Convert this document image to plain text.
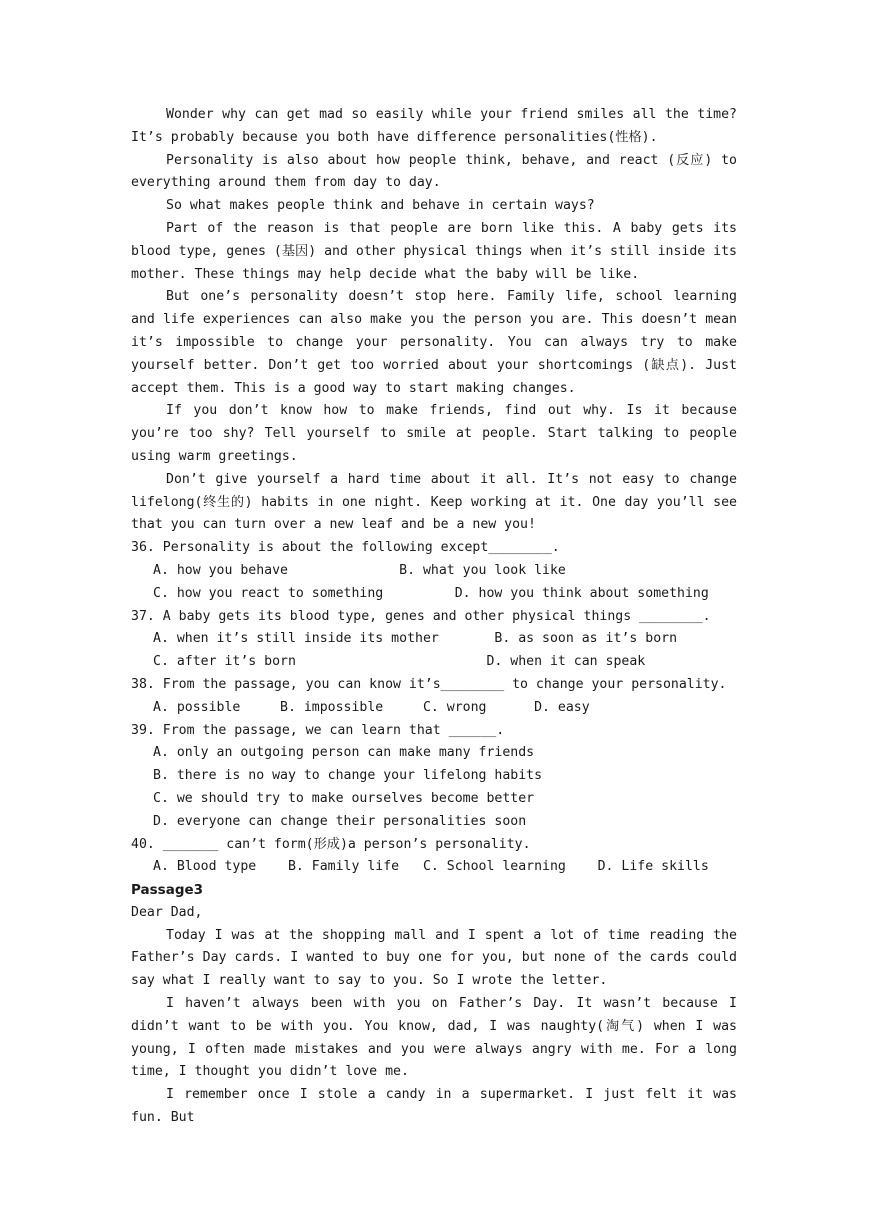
Wonder why can get mad so easily while your friend smiles all the time? It’s probably because you both have difference personalities(性格).

Personality is also about how people think, behave, and react (反应) to everything around them from day to day.

So what makes people think and behave in certain ways?

Part of the reason is that people are born like this. A baby gets its blood type, genes (基因) and other physical things when it’s still inside its mother. These things may help decide what the baby will be like.

But one’s personality doesn’t stop here. Family life, school learning and life experiences can also make you the person you are. This doesn’t mean it’s impossible to change your personality. You can always try to make yourself better. Don’t get too worried about your shortcomings (缺点). Just accept them. This is a good way to start making changes.

If you don’t know how to make friends, find out why. Is it because you’re too shy? Tell yourself to smile at people. Start talking to people using warm greetings.

Don’t give yourself a hard time about it all. It’s not easy to change lifelong(终生的) habits in one night. Keep working at it. One day you’ll see that you can turn over a new leaf and be a new you!

36. Personality is about the following except________.

A. how you behave              B. what you look like

C. how you react to something         D. how you think about something

37. A baby gets its blood type, genes and other physical things ________.

A. when it’s still inside its mother       B. as soon as it’s born

C. after it’s born                        D. when it can speak

38. From the passage, you can know it’s________ to change your personality.

A. possible     B. impossible     C. wrong      D. easy

39. From the passage, we can learn that ______.

A. only an outgoing person can make many friends

B. there is no way to change your lifelong habits

C. we should try to make ourselves become better

D. everyone can change their personalities soon

40. _______ can’t form(形成)a person’s personality.

A. Blood type    B. Family life   C. School learning    D. Life skills

Passage3

Dear Dad,

Today I was at the shopping mall and I spent a lot of time reading the Father’s Day cards. I wanted to buy one for you, but none of the cards could say what I really want to say to you. So I wrote the letter.

I haven’t always been with you on Father’s Day. It wasn’t because I didn’t want to be with you. You know, dad, I was naughty(淘气) when I was young, I often made mistakes and you were always angry with me. For a long time, I thought you didn’t love me.

I remember once I stole a candy in a supermarket. I just felt it was fun. But
